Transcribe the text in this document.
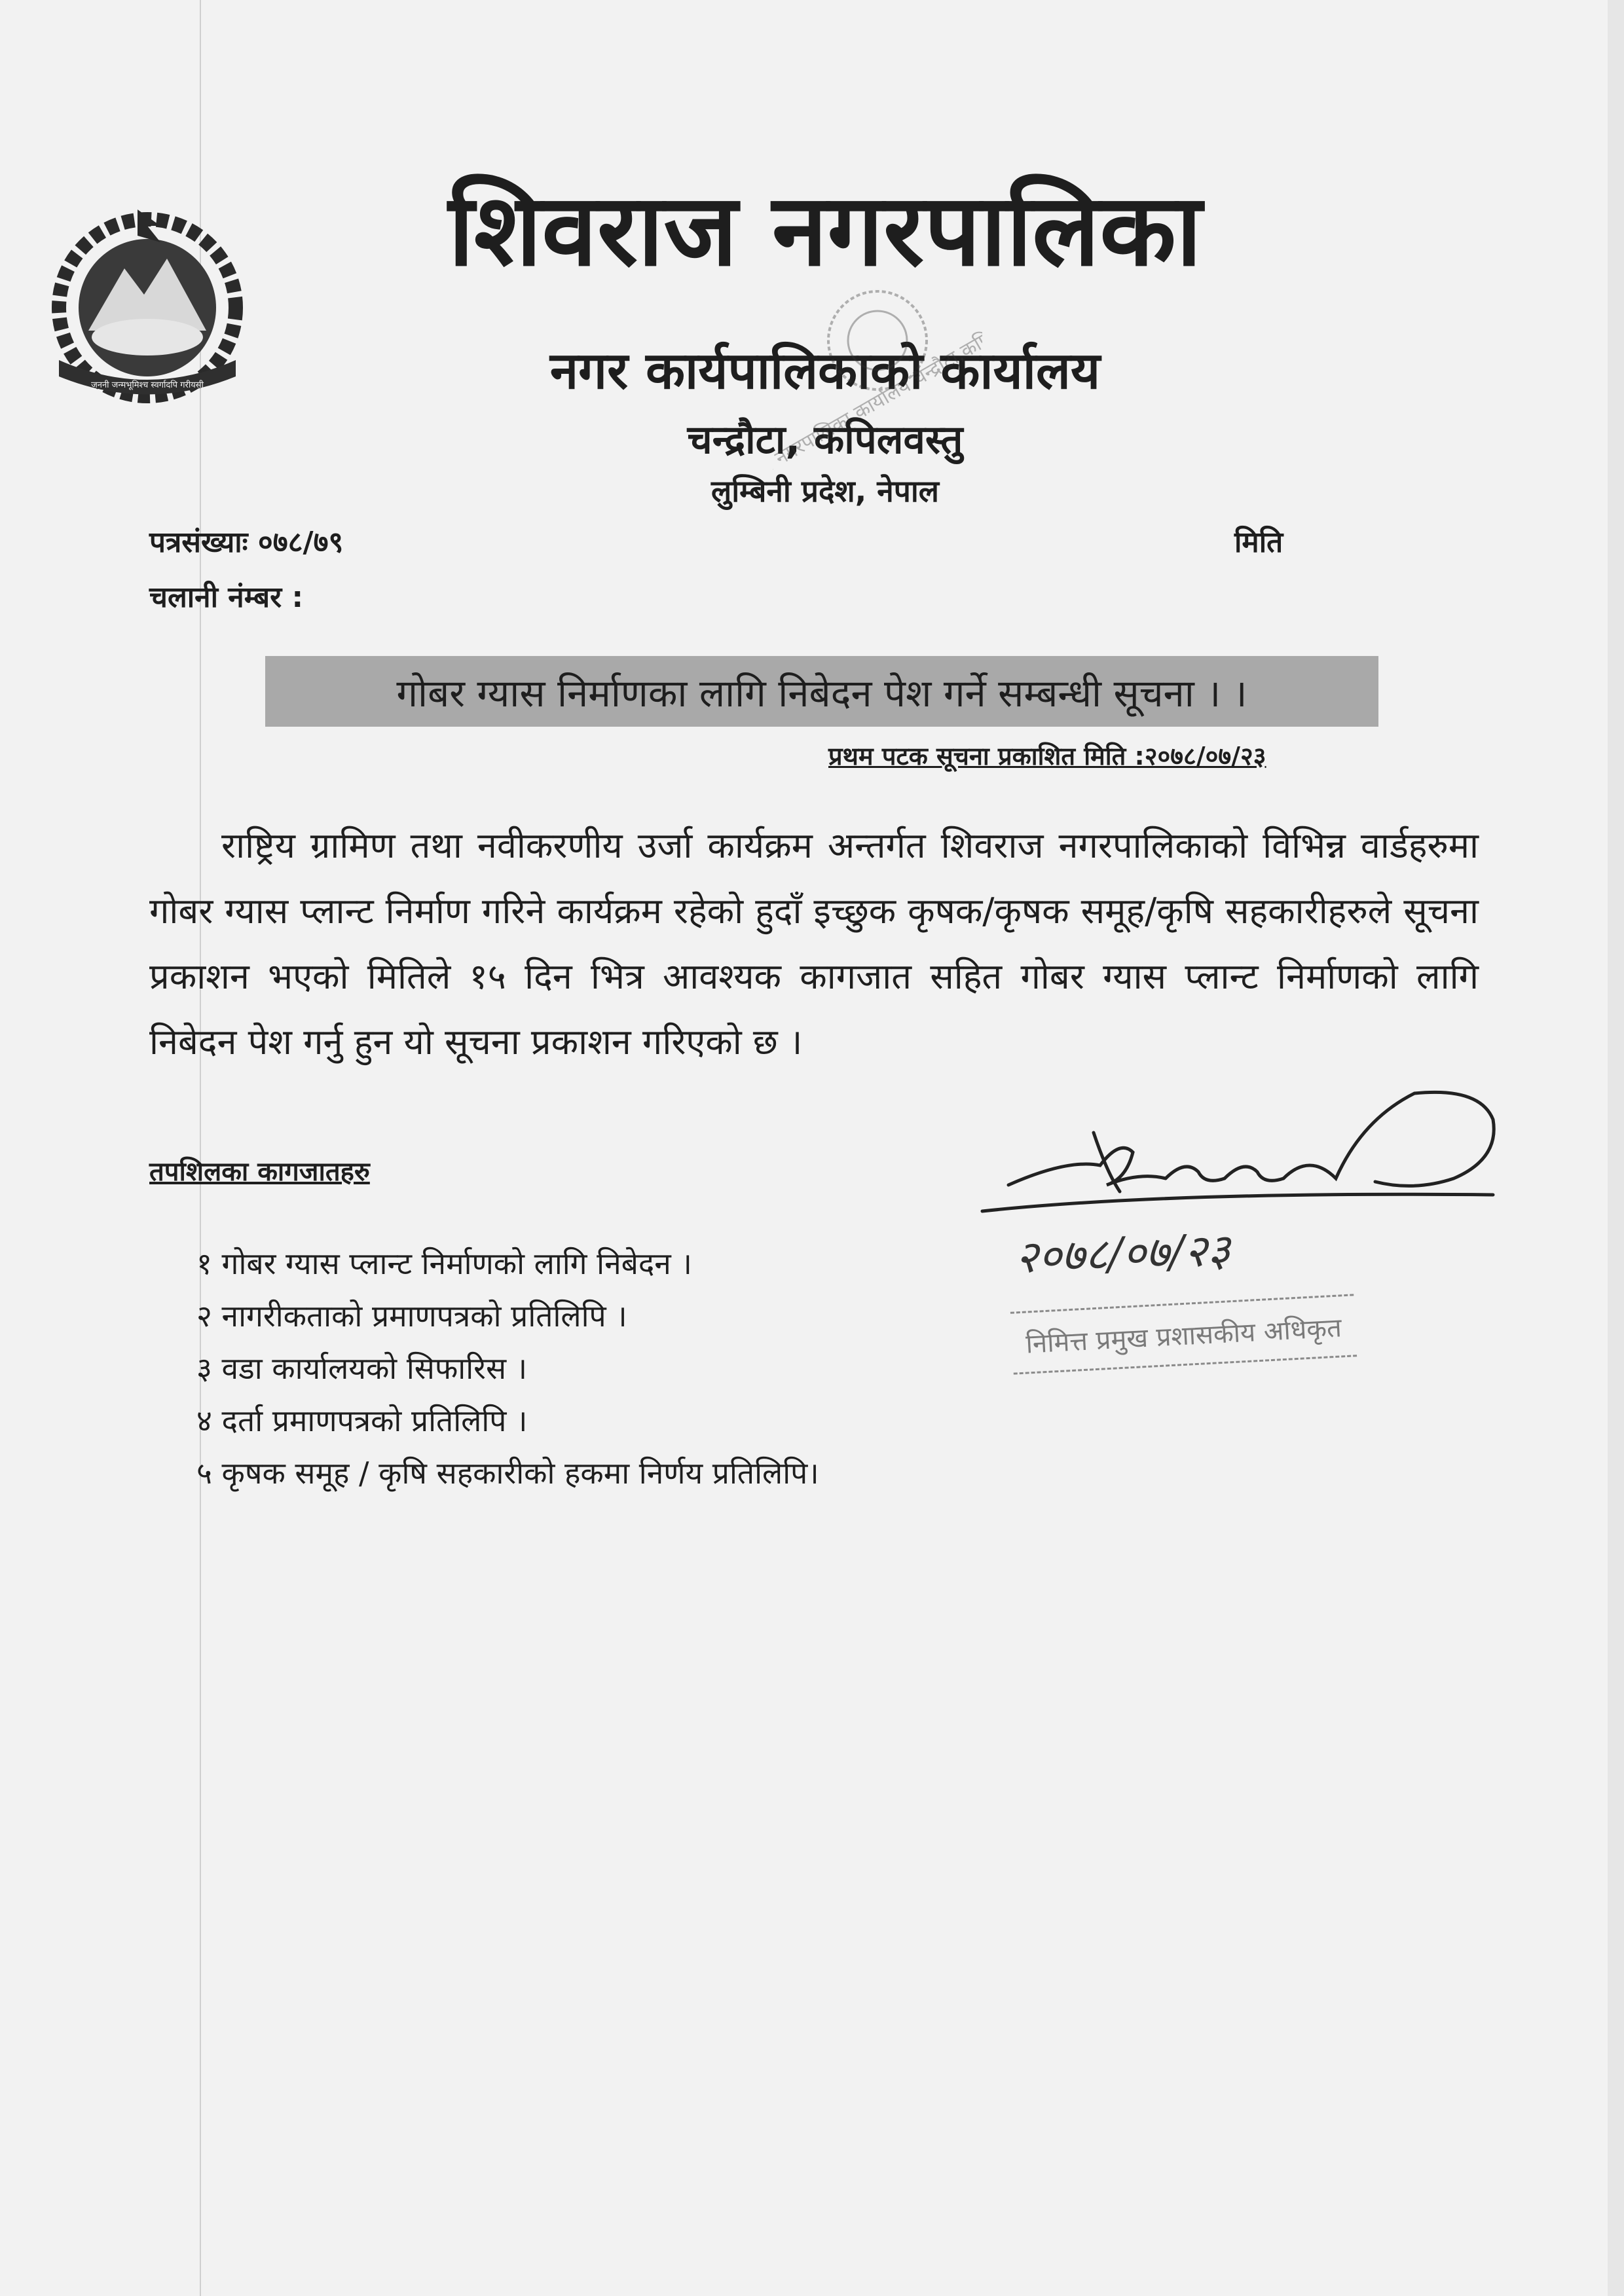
जननी जन्मभूमिश्च स्वर्गादपि गरीयसी
शिवराज नगरपालिका
नगर कार्यपालिकाको कार्यालय
चन्द्रौटा, कपिलवस्तु
लुम्बिनी प्रदेश, नेपाल
शिवराज नगरपालिका कार्यालय चन्द्रौटा,कपिलवस्तु
पत्रसंख्याः ०७८/७९
चलानी नंम्बर :
मिति
गोबर ग्यास निर्माणका लागि निबेदन पेश गर्ने सम्बन्धी सूचना । ।
प्रथम पटक सूचना प्रकाशित मिति :२०७८/०७/२३

राष्ट्रिय ग्रामिण तथा नवीकरणीय उर्जा कार्यक्रम अन्तर्गत शिवराज नगरपालिकाको विभिन्न वार्डहरुमा गोबर ग्यास प्लान्ट निर्माण गरिने कार्यक्रम रहेको हुदाँ इच्छुक कृषक/कृषक समूह/कृषि सहकारीहरुले सूचना प्रकाशन भएको मितिले १५ दिन भित्र आवश्यक कागजात सहित गोबर ग्यास प्लान्ट निर्माणको लागि निबेदन पेश गर्नु हुन यो सूचना प्रकाशन गरिएको छ ।

तपशिलका कागजातहरु
१ गोबर ग्यास प्लान्ट निर्माणको लागि निबेदन ।
२ नागरीकताको प्रमाणपत्रको प्रतिलिपि ।
३ वडा कार्यालयको सिफारिस ।
४ दर्ता प्रमाणपत्रको प्रतिलिपि ।
५ कृषक समूह / कृषि सहकारीको हकमा निर्णय प्रतिलिपि।
२०७८/०७/२३
निमित्त प्रमुख प्रशासकीय अधिकृत
